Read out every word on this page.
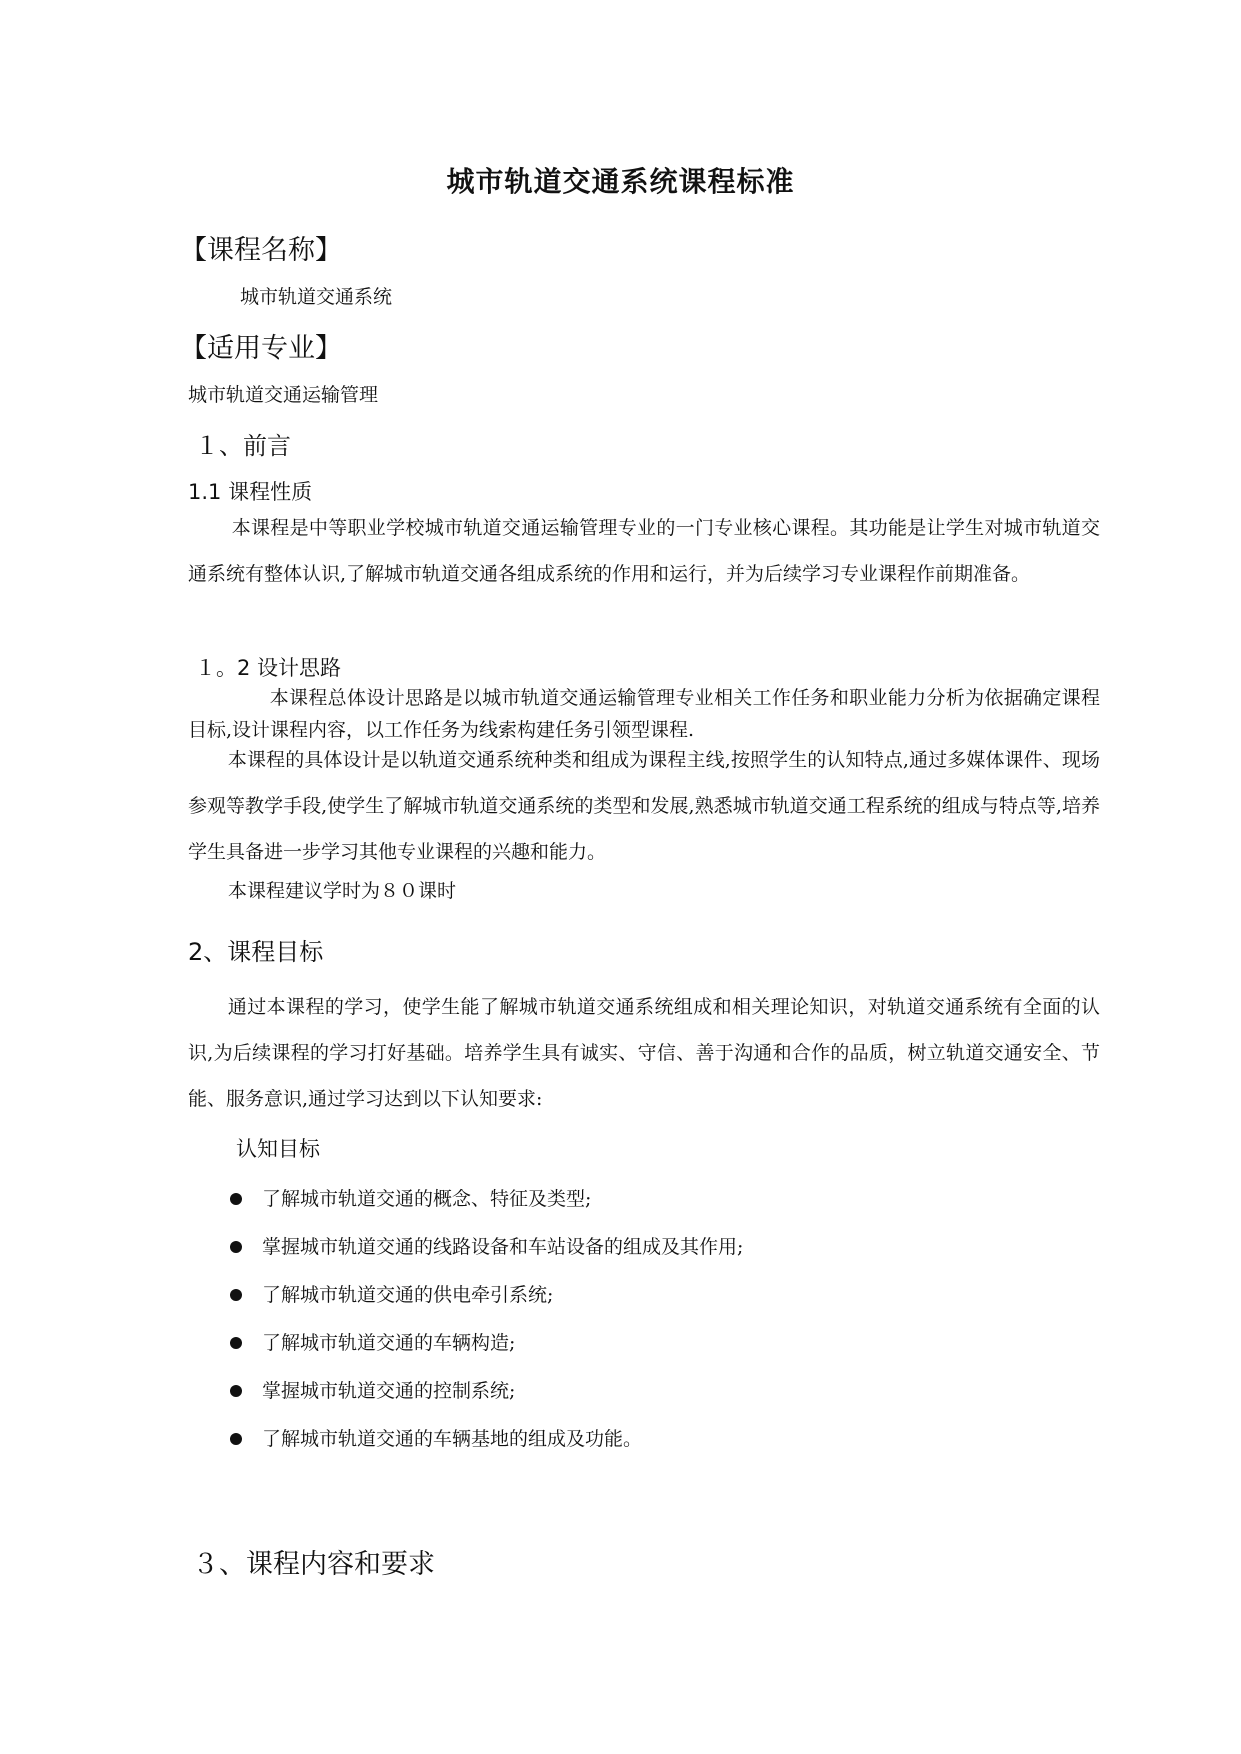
城市轨道交通系统课程标准
【课程名称】
城市轨道交通系统
【适用专业】
城市轨道交通运输管理
１、前言
1.1 课程性质
本课程是中等职业学校城市轨道交通运输管理专业的一门专业核心课程。其功能是让学生对城市轨道交通系统有整体认识,了解城市轨道交通各组成系统的作用和运行，并为后续学习专业课程作前期准备。
１。2 设计思路
本课程总体设计思路是以城市轨道交通运输管理专业相关工作任务和职业能力分析为依据确定课程目标,设计课程内容，以工作任务为线索构建任务引领型课程.
本课程的具体设计是以轨道交通系统种类和组成为课程主线,按照学生的认知特点,通过多媒体课件、现场参观等教学手段,使学生了解城市轨道交通系统的类型和发展,熟悉城市轨道交通工程系统的组成与特点等,培养学生具备进一步学习其他专业课程的兴趣和能力。
本课程建议学时为８０课时
2、课程目标
通过本课程的学习，使学生能了解城市轨道交通系统组成和相关理论知识，对轨道交通系统有全面的认识,为后续课程的学习打好基础。培养学生具有诚实、守信、善于沟通和合作的品质，树立轨道交通安全、节能、服务意识,通过学习达到以下认知要求:
认知目标
了解城市轨道交通的概念、特征及类型;
掌握城市轨道交通的线路设备和车站设备的组成及其作用;
了解城市轨道交通的供电牵引系统;
了解城市轨道交通的车辆构造;
掌握城市轨道交通的控制系统;
了解城市轨道交通的车辆基地的组成及功能。
３、课程内容和要求
